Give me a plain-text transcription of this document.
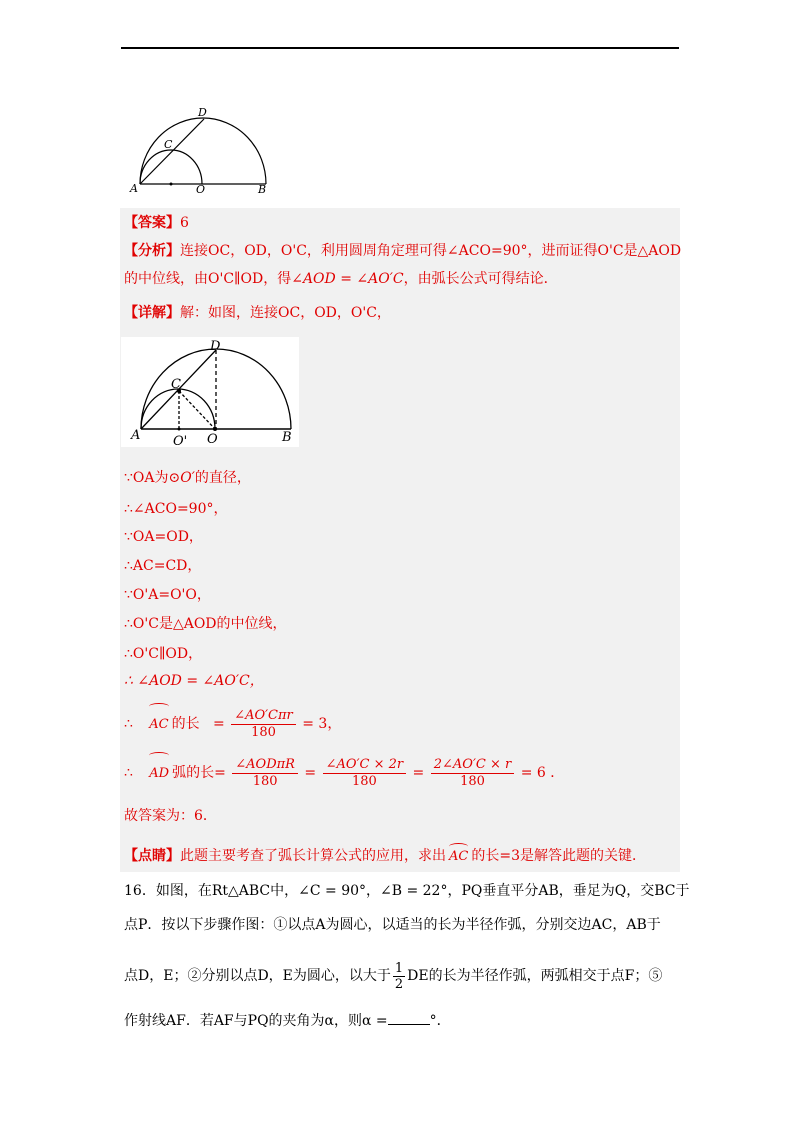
A	O	B
C
D
【答案】6
【分析】连接OC，OD，O'C，利用圆周角定理可得∠ACO=90°，进而证得O'C是△AOD
的中位线，由O'C∥OD，得∠AOD = ∠AO′C，由弧长公式可得结论．
【详解】解：如图，连接OC，OD，O'C，
A	O' O	B
C
D
∵OA为⊙O′的直径，
∴∠ACO=90°，
∵OA=OD，
∴AC=CD，
∵O'A=O'O，
∴O'C是△AOD的中位线，
∴O'C∥OD，
∴ ∠AOD = ∠AO′C，
∴ AC 的长 = $\frac{\text{∠AO′Cπr}}{180} = 3$，
∴ AD 弧的长= $\frac{\text{∠AODπR}}{180} = \frac{\angle AO'C \times 2r}{180} = \frac{2\angle AO'C \times r}{180} = 6$ ．
故答案为：6．
【点睛】此题主要考查了弧长计算公式的应用，求出 AC 的长=3是解答此题的关键．
16．如图，在Rt△ABC中，∠C = 90°，∠B = 22°，PQ垂直平分AB，垂足为Q，交BC于
点P．按以下步骤作图：①以点A为圆心，以适当的长为半径作弧，分别交边AC，AB于
点D，E；②分别以点D，E为圆心，以大于 $\frac{1}{2}$ DE的长为半径作弧，两弧相交于点F；⑤
作射线AF．若AF与PQ的夹角为α，则α =	°．
